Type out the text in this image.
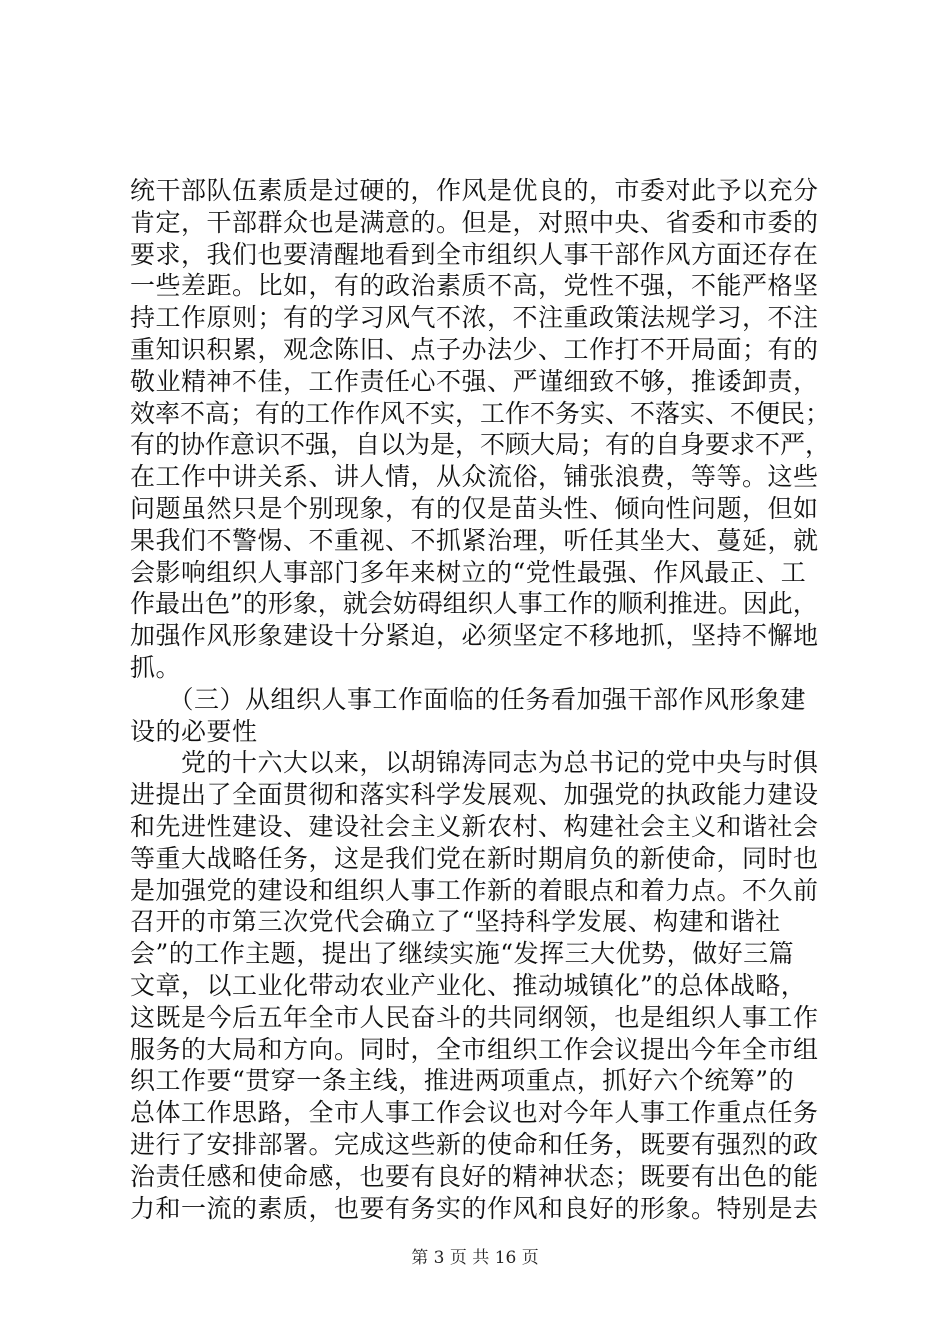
统干部队伍素质是过硬的，作风是优良的，市委对此予以充分
肯定，干部群众也是满意的。但是，对照中央、省委和市委的
要求，我们也要清醒地看到全市组织人事干部作风方面还存在
一些差距。比如，有的政治素质不高，党性不强，不能严格坚
持工作原则；有的学习风气不浓，不注重政策法规学习，不注
重知识积累，观念陈旧、点子办法少、工作打不开局面；有的
敬业精神不佳，工作责任心不强、严谨细致不够，推诿卸责，
效率不高；有的工作作风不实，工作不务实、不落实、不便民；
有的协作意识不强，自以为是，不顾大局；有的自身要求不严，
在工作中讲关系、讲人情，从众流俗，铺张浪费，等等。这些
问题虽然只是个别现象，有的仅是苗头性、倾向性问题，但如
果我们不警惕、不重视、不抓紧治理，听任其坐大、蔓延，就
会影响组织人事部门多年来树立的“党性最强、作风最正、工
作最出色”的形象，就会妨碍组织人事工作的顺利推进。因此，
加强作风形象建设十分紧迫，必须坚定不移地抓，坚持不懈地
抓。
　　（三）从组织人事工作面临的任务看加强干部作风形象建
设的必要性
　　党的十六大以来，以胡锦涛同志为总书记的党中央与时俱
进提出了全面贯彻和落实科学发展观、加强党的执政能力建设
和先进性建设、建设社会主义新农村、构建社会主义和谐社会
等重大战略任务，这是我们党在新时期肩负的新使命，同时也
是加强党的建设和组织人事工作新的着眼点和着力点。不久前
召开的市第三次党代会确立了“坚持科学发展、构建和谐社
会”的工作主题，提出了继续实施“发挥三大优势，做好三篇
文章，以工业化带动农业产业化、推动城镇化”的总体战略，
这既是今后五年全市人民奋斗的共同纲领，也是组织人事工作
服务的大局和方向。同时，全市组织工作会议提出今年全市组
织工作要“贯穿一条主线，推进两项重点，抓好六个统筹”的
总体工作思路，全市人事工作会议也对今年人事工作重点任务
进行了安排部署。完成这些新的使命和任务，既要有强烈的政
治责任感和使命感，也要有良好的精神状态；既要有出色的能
力和一流的素质，也要有务实的作风和良好的形象。特别是去
第 3 页 共 16 页
